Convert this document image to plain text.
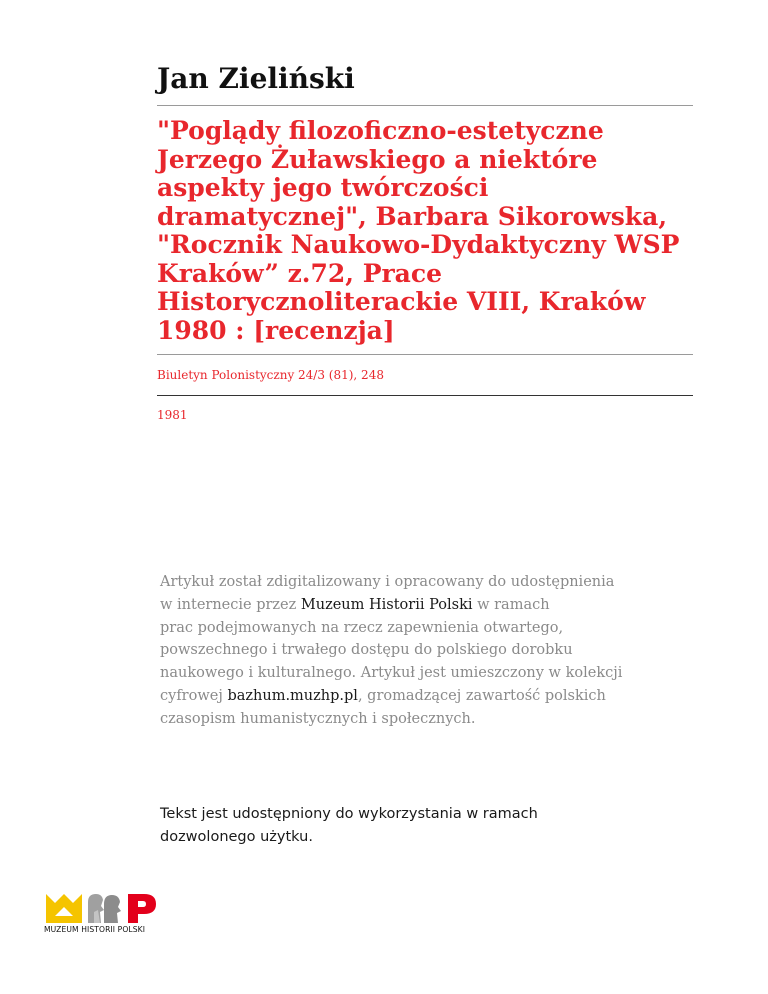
Jan Zieliński
"Poglądy filozoficzno-estetyczne
Jerzego Żuławskiego a niektóre
aspekty jego twórczości
dramatycznej", Barbara Sikorowska,
"Rocznik Naukowo-Dydaktyczny WSP
Kraków” z.72, Prace
Historycznoliterackie VIII, Kraków
1980 : [recenzja]
Biuletyn Polonistyczny 24/3 (81), 248
1981
Artykuł został zdigitalizowany i opracowany do udostępnienia
w internecie przez Muzeum Historii Polski w ramach
prac podejmowanych na rzecz zapewnienia otwartego,
powszechnego i trwałego dostępu do polskiego dorobku
naukowego i kulturalnego. Artykuł jest umieszczony w kolekcji
cyfrowej bazhum.muzhp.pl, gromadzącej zawartość polskich
czasopism humanistycznych i społecznych.
Tekst jest udostępniony do wykorzystania w ramach
dozwolonego użytku.
MUZEUM HISTORII POLSKI
